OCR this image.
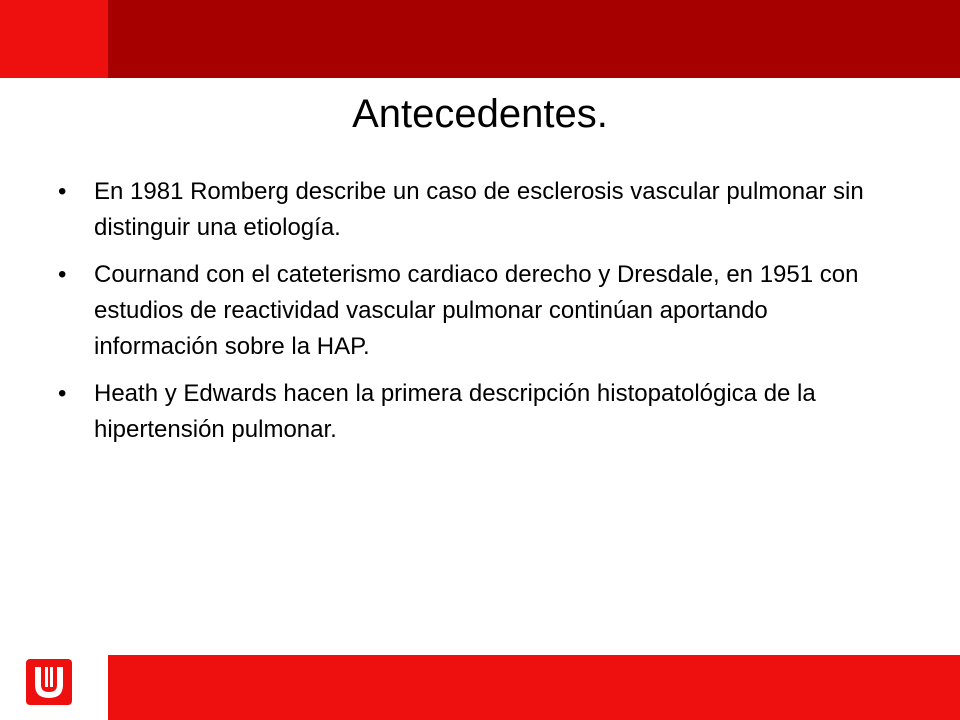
Antecedentes.
•	En 1981 Romberg describe un caso de esclerosis vascular pulmonar sin distinguir una etiología.
•	Cournand con el cateterismo cardiaco derecho y Dresdale, en 1951 con estudios de reactividad vascular pulmonar continúan aportando información sobre la HAP.
•	Heath y Edwards hacen la primera descripción histopatológica de la hipertensión pulmonar.
